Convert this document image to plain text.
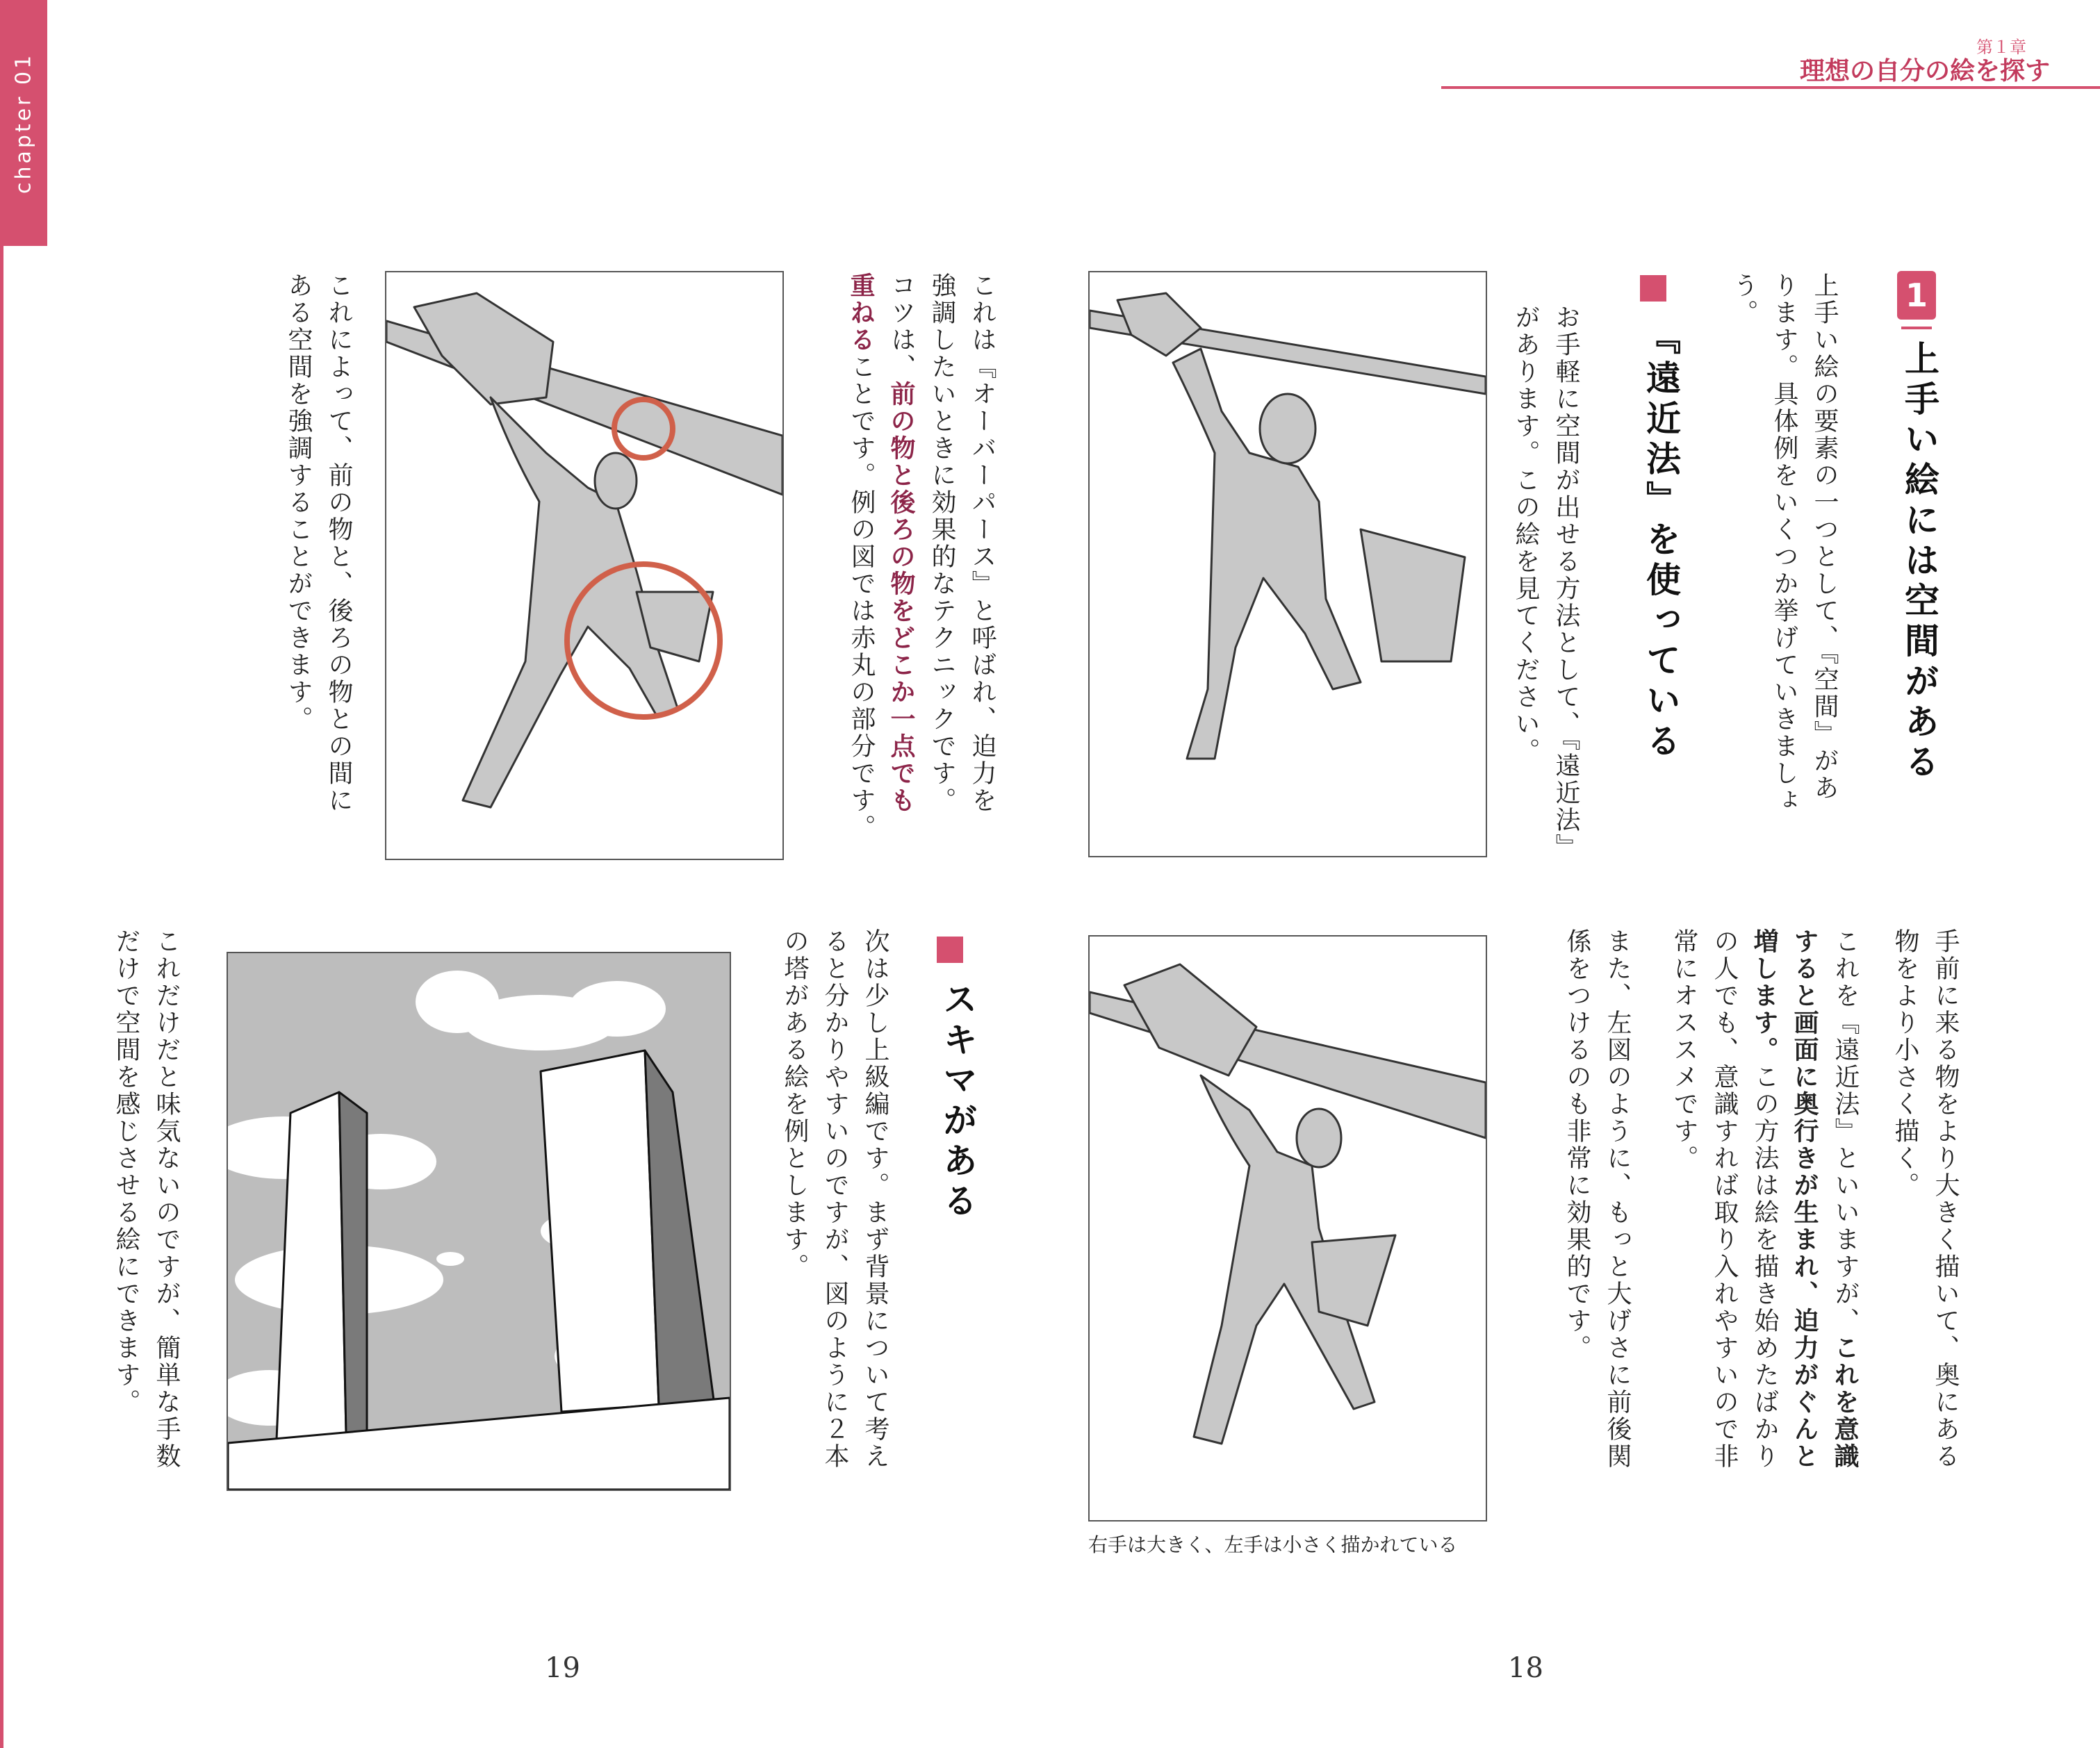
chapter 01
第１章
理想の自分の絵を探す
1
上手い絵には空間がある
上手い絵の要素の一つとして、『空間』があ
ります。具体例をいくつか挙げていきましょ
う。
『遠近法』を使っている
お手軽に空間が出せる方法として、『遠近法』
があります。この絵を見てください。
手前に来る物をより大きく描いて、奥にある
物をより小さく描く。
これを『遠近法』といいますが、これを意識
すると画面に奥行きが生まれ、迫力がぐんと
増します。この方法は絵を描き始めたばかり
の人でも、意識すれば取り入れやすいので非
常にオススメです。
また、左図のように、もっと大げさに前後関
係をつけるのも非常に効果的です。
右手は大きく、左手は小さく描かれている
これは『オーバーパース』と呼ばれ、迫力を
強調したいときに効果的なテクニックです。
コツは、前の物と後ろの物をどこか一点でも
重ねることです。例の図では赤丸の部分です。
これによって、前の物と、後ろの物との間に
ある空間を強調することができます。
スキマがある
次は少し上級編です。まず背景について考え
ると分かりやすいのですが、図のように２本
の塔がある絵を例とします。
これだけだと味気ないのですが、簡単な手数
だけで空間を感じさせる絵にできます。
19	18
